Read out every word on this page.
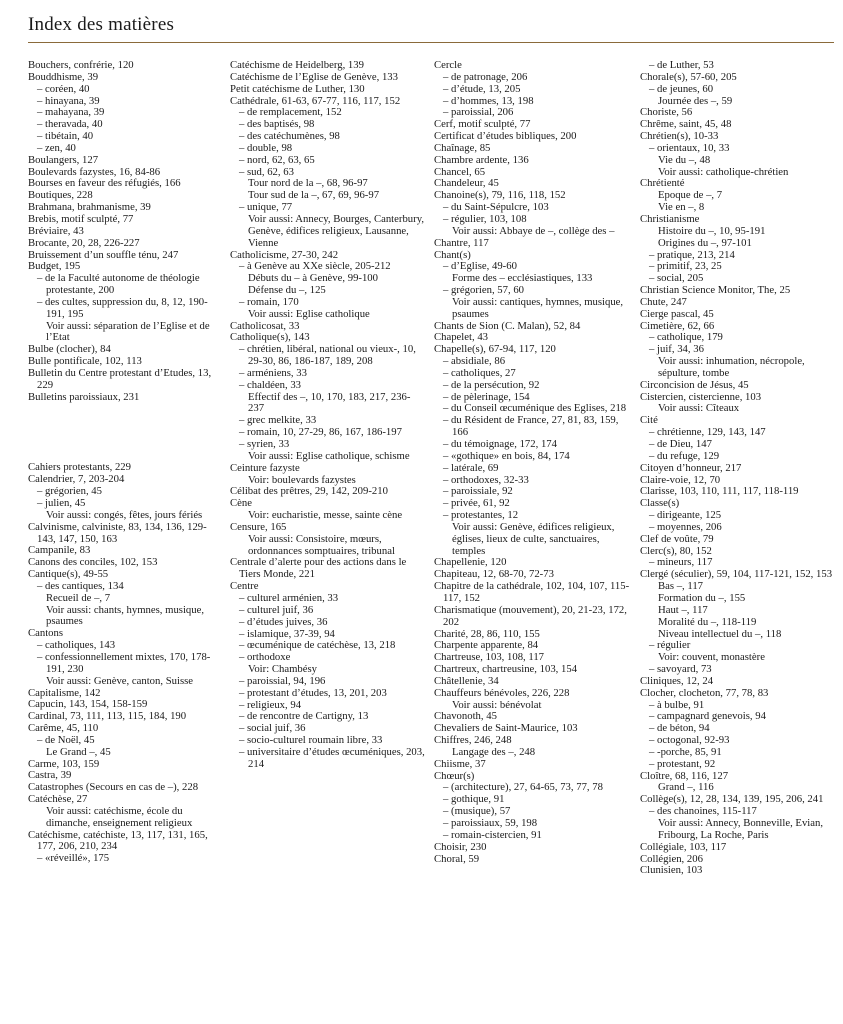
Index des matières
Bouchers, confrérie, 120
Bouddhisme, 39
– coréen, 40
– hinayana, 39
– mahayana, 39
– theravada, 40
– tibétain, 40
– zen, 40
Boulangers, 127
Boulevards fazystes, 16, 84-86
Bourses en faveur des réfugiés, 166
Boutiques, 228
Brahmana, brahmanisme, 39
Brebis, motif sculpté, 77
Bréviaire, 43
Brocante, 20, 28, 226-227
Bruissement d’un souffle ténu, 247
Budget, 195
– de la Faculté autonome de théologie protestante, 200
– des cultes, suppression du, 8, 12, 190-191, 195
Voir aussi: séparation de l’Eglise et de l’Etat
Bulbe (clocher), 84
Bulle pontificale, 102, 113
Bulletin du Centre protestant d’Etudes, 13, 229
Bulletins paroissiaux, 231
Cahiers protestants, 229
Calendrier, 7, 203-204
– grégorien, 45
– julien, 45
Voir aussi: congés, fêtes, jours fériés
Calvinisme, calviniste, 83, 134, 136, 129-143, 147, 150, 163
Campanile, 83
Canons des conciles, 102, 153
Cantique(s), 49-55
– des cantiques, 134
Recueil de –, 7
Voir aussi: chants, hymnes, musique, psaumes
Cantons
– catholiques, 143
– confessionnellement mixtes, 170, 178-191, 230
Voir aussi: Genève, canton, Suisse
Capitalisme, 142
Capucin, 143, 154, 158-159
Cardinal, 73, 111, 113, 115, 184, 190
Carême, 45, 110
– de Noël, 45
Le Grand –, 45
Carme, 103, 159
Castra, 39
Catastrophes (Secours en cas de –), 228
Catéchèse, 27
Voir aussi: catéchisme, école du dimanche, enseignement religieux
Catéchisme, catéchiste, 13, 117, 131, 165, 177, 206, 210, 234
– «réveillé», 175
Catéchisme de Heidelberg, 139
Catéchisme de l’Eglise de Genève, 133
Petit catéchisme de Luther, 130
Cathédrale, 61-63, 67-77, 116, 117, 152
– de remplacement, 152
– des baptisés, 98
– des catéchumènes, 98
– double, 98
– nord, 62, 63, 65
– sud, 62, 63
Tour nord de la –, 68, 96-97
Tour sud de la –, 67, 69, 96-97
– unique, 77
Voir aussi: Annecy, Bourges, Canterbury, Genève, édifices religieux, Lausanne, Vienne
Catholicisme, 27-30, 242
– à Genève au XXe siècle, 205-212
Débuts du – à Genève, 99-100
Défense du –, 125
– romain, 170
Voir aussi: Eglise catholique
Catholicosat, 33
Catholique(s), 143
– chrétien, libéral, national ou vieux-, 10, 29-30, 86, 186-187, 189, 208
– arméniens, 33
– chaldéen, 33
Effectif des –, 10, 170, 183, 217, 236-237
– grec melkite, 33
– romain, 10, 27-29, 86, 167, 186-197
– syrien, 33
Voir aussi: Eglise catholique, schisme
Ceinture fazyste
Voir: boulevards fazystes
Célibat des prêtres, 29, 142, 209-210
Cène
Voir: eucharistie, messe, sainte cène
Censure, 165
Voir aussi: Consistoire, mœurs, ordonnances somptuaires, tribunal
Centrale d’alerte pour des actions dans le Tiers Monde, 221
Centre
– culturel arménien, 33
– culturel juif, 36
– d’études juives, 36
– islamique, 37-39, 94
– œcuménique de catéchèse, 13, 218
– orthodoxe
Voir: Chambésy
– paroissial, 94, 196
– protestant d’études, 13, 201, 203
– religieux, 94
– de rencontre de Cartigny, 13
– social juif, 36
– socio-culturel roumain libre, 33
– universitaire d’études œcuméniques, 203, 214
Cercle
– de patronage, 206
– d’étude, 13, 205
– d’hommes, 13, 198
– paroissial, 206
Cerf, motif sculpté, 77
Certificat d’études bibliques, 200
Chaînage, 85
Chambre ardente, 136
Chancel, 65
Chandeleur, 45
Chanoine(s), 79, 116, 118, 152
– du Saint-Sépulcre, 103
– régulier, 103, 108
Voir aussi: Abbaye de –, collège des –
Chantre, 117
Chant(s)
– d’Eglise, 49-60
Forme des – ecclésiastiques, 133
– grégorien, 57, 60
Voir aussi: cantiques, hymnes, musique, psaumes
Chants de Sion (C. Malan), 52, 84
Chapelet, 43
Chapelle(s), 67-94, 117, 120
– absidiale, 86
– catholiques, 27
– de la persécution, 92
– de pèlerinage, 154
– du Conseil œcuménique des Eglises, 218
– du Résident de France, 27, 81, 83, 159, 166
– du témoignage, 172, 174
– «gothique» en bois, 84, 174
– latérale, 69
– orthodoxes, 32-33
– paroissiale, 92
– privée, 61, 92
– protestantes, 12
Voir aussi: Genève, édifices religieux, églises, lieux de culte, sanctuaires, temples
Chapellenie, 120
Chapiteau, 12, 68-70, 72-73
Chapitre de la cathédrale, 102, 104, 107, 115-117, 152
Charismatique (mouvement), 20, 21-23, 172, 202
Charité, 28, 86, 110, 155
Charpente apparente, 84
Chartreuse, 103, 108, 117
Chartreux, chartreusine, 103, 154
Châtellenie, 34
Chauffeurs bénévoles, 226, 228
Voir aussi: bénévolat
Chavonoth, 45
Chevaliers de Saint-Maurice, 103
Chiffres, 246, 248
Langage des –, 248
Chiisme, 37
Chœur(s)
– (architecture), 27, 64-65, 73, 77, 78
– gothique, 91
– (musique), 57
– paroissiaux, 59, 198
– romain-cistercien, 91
Choisir, 230
Choral, 59
– de Luther, 53
Chorale(s), 57-60, 205
– de jeunes, 60
Journée des –, 59
Choriste, 56
Chrême, saint, 45, 48
Chrétien(s), 10-33
– orientaux, 10, 33
Vie du –, 48
Voir aussi: catholique-chrétien
Chrétienté
Epoque de –, 7
Vie en –, 8
Christianisme
Histoire du –, 10, 95-191
Origines du –, 97-101
– pratique, 213, 214
– primitif, 23, 25
– social, 205
Christian Science Monitor, The, 25
Chute, 247
Cierge pascal, 45
Cimetière, 62, 66
– catholique, 179
– juif, 34, 36
Voir aussi: inhumation, nécropole, sépulture, tombe
Circoncision de Jésus, 45
Cistercien, cistercienne, 103
Voir aussi: Cîteaux
Cité
– chrétienne, 129, 143, 147
– de Dieu, 147
– du refuge, 129
Citoyen d’honneur, 217
Claire-voie, 12, 70
Clarisse, 103, 110, 111, 117, 118-119
Classe(s)
– dirigeante, 125
– moyennes, 206
Clef de voûte, 79
Clerc(s), 80, 152
– mineurs, 117
Clergé (séculier), 59, 104, 117-121, 152, 153
Bas –, 117
Formation du –, 155
Haut –, 117
Moralité du –, 118-119
Niveau intellectuel du –, 118
– régulier
Voir: couvent, monastère
– savoyard, 73
Cliniques, 12, 24
Clocher, clocheton, 77, 78, 83
– à bulbe, 91
– campagnard genevois, 94
– de béton, 94
– octogonal, 92-93
– -porche, 85, 91
– protestant, 92
Cloître, 68, 116, 127
Grand –, 116
Collège(s), 12, 28, 134, 139, 195, 206, 241
– des chanoines, 115-117
Voir aussi: Annecy, Bonneville, Evian, Fribourg, La Roche, Paris
Collégiale, 103, 117
Collégien, 206
Clunisien, 103
